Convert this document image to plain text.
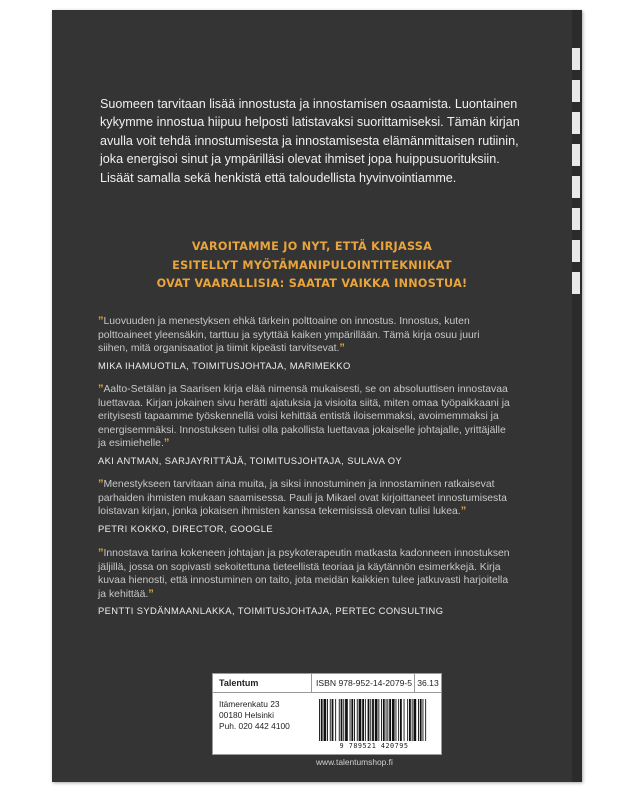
Suomeen tarvitaan lisää innostusta ja innostamisen osaamista. Luontainen kykymme innostua hiipuu helposti latistavaksi suorittamiseksi. Tämän kirjan avulla voit tehdä innostumisesta ja innostamisesta elämänmittaisen rutiinin, joka energisoi sinut ja ympärilläsi olevat ihmiset jopa huippusuorituksiin. Lisäät samalla sekä henkistä että taloudellista hyvinvointiamme.

VAROITAMME JO NYT, ETTÄ KIRJASSA
ESITELLYT MYÖTÄMANIPULOINTITEKNIIKAT
OVAT VAARALLISIA: SAATAT VAIKKA INNOSTUA!

”Luovuuden ja menestyksen ehkä tärkein polttoaine on innostus. Innostus, kuten polttoaineet yleensäkin, tarttuu ja sytyttää kaiken ympärillään. Tämä kirja osuu juuri siihen, mitä organisaatiot ja tiimit kipeästi tarvitsevat.”

MIKA IHAMUOTILA, TOIMITUSJOHTAJA, MARIMEKKO

”Aalto-Setälän ja Saarisen kirja elää nimensä mukaisesti, se on absoluuttisen innostavaa luettavaa. Kirjan jokainen sivu herätti ajatuksia ja visioita siitä, miten omaa työpaikkaani ja erityisesti tapaamme työskennellä voisi kehittää entistä iloisemmaksi, avoimemmaksi ja energisemmäksi. Innostuksen tulisi olla pakollista luettavaa jokaiselle johtajalle, yrittäjälle ja esimiehelle.”

AKI ANTMAN, SARJAYRITTÄJÄ, TOIMITUSJOHTAJA, SULAVA OY

”Menestykseen tarvitaan aina muita, ja siksi innostuminen ja innostaminen ratkaisevat parhaiden ihmisten mukaan saamisessa. Pauli ja Mikael ovat kirjoittaneet innostumisesta loistavan kirjan, jonka jokaisen ihmisten kanssa tekemisissä olevan tulisi lukea.”

PETRI KOKKO, DIRECTOR, GOOGLE

”Innostava tarina kokeneen johtajan ja psykoterapeutin matkasta kadonneen innostuksen jäljillä, jossa on sopivasti sekoitettuna tieteellistä teoriaa ja käytännön esimerkkejä. Kirja kuvaa hienosti, että innostuminen on taito, jota meidän kaikkien tulee jatkuvasti harjoitella ja kehittää.”

PENTTI SYDÄNMAANLAKKA, TOIMITUSJOHTAJA, PERTEC CONSULTING
Talentum	ISBN 978-952-14-2079-5 36.13
Itämerenkatu 23
00180 Helsinki
Puh. 020 442 4100
9 789521 420795
www.talentumshop.fi
